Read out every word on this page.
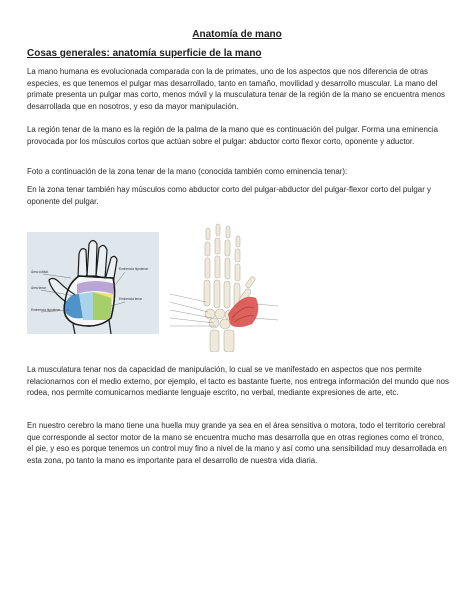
Anatomía de mano
Cosas generales: anatomía superficie de la mano

La mano humana es evolucionada comparada con la de primates, uno de los aspectos que nos diferencia de otras especies, es que tenemos el pulgar mas desarrollado, tanto en tamaño, movilidad y desarrollo muscular. La mano del primate presenta un pulgar mas corto, menos móvil y la musculatura tenar de la región de la mano se encuentra menos desarrollada que en nosotros, y eso da mayor manipulación.

La región tenar de la mano es la región de la palma de la mano que es continuación del pulgar. Forma una eminencia provocada por los músculos cortos que actúan sobre el pulgar: abductor corto flexor corto, oponente y aductor.

Foto a continuación de la zona tenar de la mano (conocida también como eminencia tenar):

En la zona tenar también hay músculos como abductor corto del pulgar-abductor del pulgar-flexor corto del pulgar y oponente del pulgar.

Área cubital
Eminencia hipotenar
Área tenar
Eminencia tenar
Eminencia hipotenar

La musculatura tenar nos da capacidad de manipulación, lo cual se ve manifestado en aspectos que nos permite relacionarnos con el medio externo, por ejemplo, el tacto es bastante fuerte, nos entrega información del mundo que nos rodea, nos permite comunicarnos mediante lenguaje escrito, no verbal, mediante expresiones de arte, etc.

En nuestro cerebro la mano tiene una huella muy grande ya sea en el área sensitiva o motora, todo el territorio cerebral que corresponde al sector motor de la mano se encuentra mucho mas desarrolla que en otras regiones como el tronco, el pie, y eso es porque tenemos un control muy fino a nivel de la mano y así como una sensibilidad muy desarrollada en esta zona, po tanto la mano es importante para el desarrollo de nuestra vida diaria.
